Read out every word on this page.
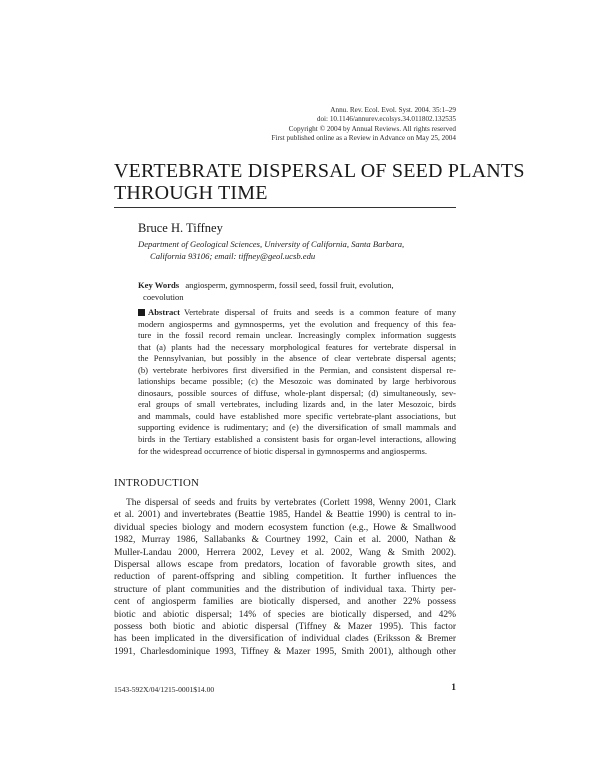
Annu. Rev. Ecol. Evol. Syst. 2004. 35:1–29
doi: 10.1146/annurev.ecolsys.34.011802.132535
Copyright © 2004 by Annual Reviews. All rights reserved
First published online as a Review in Advance on May 25, 2004
VERTEBRATE DISPERSAL OF SEED PLANTS
THROUGH TIME
Bruce H. Tiffney
Department of Geological Sciences, University of California, Santa Barbara,
California 93106; email: tiffney@geol.ucsb.edu
Key Words angiosperm, gymnosperm, fossil seed, fossil fruit, evolution,
coevolution
Abstract Vertebrate dispersal of fruits and seeds is a common feature of many
modern angiosperms and gymnosperms, yet the evolution and frequency of this fea-
ture in the fossil record remain unclear. Increasingly complex information suggests
that (a) plants had the necessary morphological features for vertebrate dispersal in
the Pennsylvanian, but possibly in the absence of clear vertebrate dispersal agents;
(b) vertebrate herbivores first diversified in the Permian, and consistent dispersal re-
lationships became possible; (c) the Mesozoic was dominated by large herbivorous
dinosaurs, possible sources of diffuse, whole-plant dispersal; (d) simultaneously, sev-
eral groups of small vertebrates, including lizards and, in the later Mesozoic, birds
and mammals, could have established more specific vertebrate-plant associations, but
supporting evidence is rudimentary; and (e) the diversification of small mammals and
birds in the Tertiary established a consistent basis for organ-level interactions, allowing
for the widespread occurrence of biotic dispersal in gymnosperms and angiosperms.
INTRODUCTION
The dispersal of seeds and fruits by vertebrates (Corlett 1998, Wenny 2001, Clark
et al. 2001) and invertebrates (Beattie 1985, Handel & Beattie 1990) is central to in-
dividual species biology and modern ecosystem function (e.g., Howe & Smallwood
1982, Murray 1986, Sallabanks & Courtney 1992, Cain et al. 2000, Nathan &
Muller-Landau 2000, Herrera 2002, Levey et al. 2002, Wang & Smith 2002).
Dispersal allows escape from predators, location of favorable growth sites, and
reduction of parent-offspring and sibling competition. It further influences the
structure of plant communities and the distribution of individual taxa. Thirty per-
cent of angiosperm families are biotically dispersed, and another 22% possess
biotic and abiotic dispersal; 14% of species are biotically dispersed, and 42%
possess both biotic and abiotic dispersal (Tiffney & Mazer 1995). This factor
has been implicated in the diversification of individual clades (Eriksson & Bremer
1991, Charlesdominique 1993, Tiffney & Mazer 1995, Smith 2001), although other
1543-592X/04/1215-0001$14.00	1
